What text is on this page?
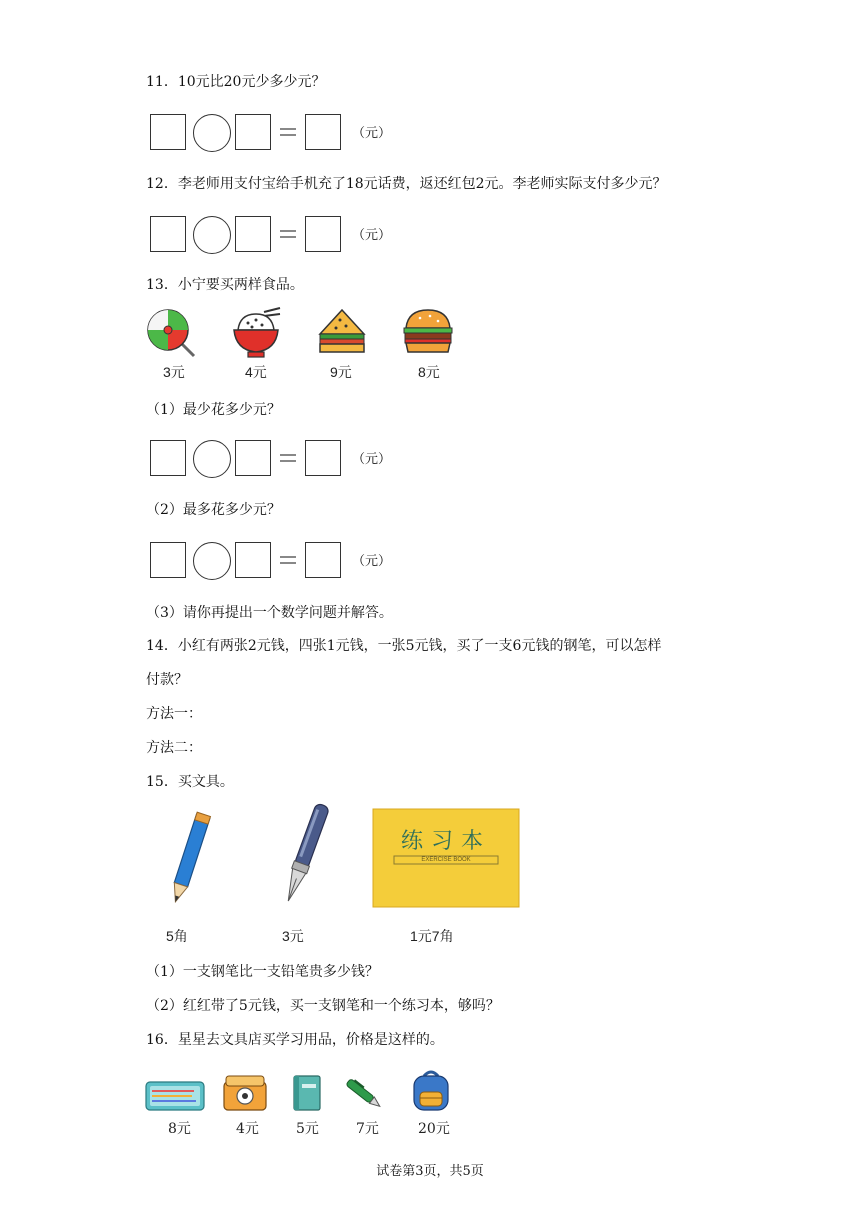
11．10元比20元少多少元？
（元）
12．李老师用支付宝给手机充了18元话费，返还红包2元。李老师实际支付多少元？
（元）
13．小宁要买两样食品。
3元	4元	9元	8元
（1）最少花多少元？
（元）
（2）最多花多少元？
（元）
（3）请你再提出一个数学问题并解答。
14．小红有两张2元钱，四张1元钱，一张5元钱，买了一支6元钱的钢笔，可以怎样
付款？
方法一：
方法二：
15．买文具。
5角	3元
练习本
EXERCISE BOOK
1元7角
（1）一支钢笔比一支铅笔贵多少钱？
（2）红红带了5元钱，买一支钢笔和一个练习本，够吗？
16．星星去文具店买学习用品，价格是这样的。
8元	4元	5元	7元	20元
试卷第3页，共5页
